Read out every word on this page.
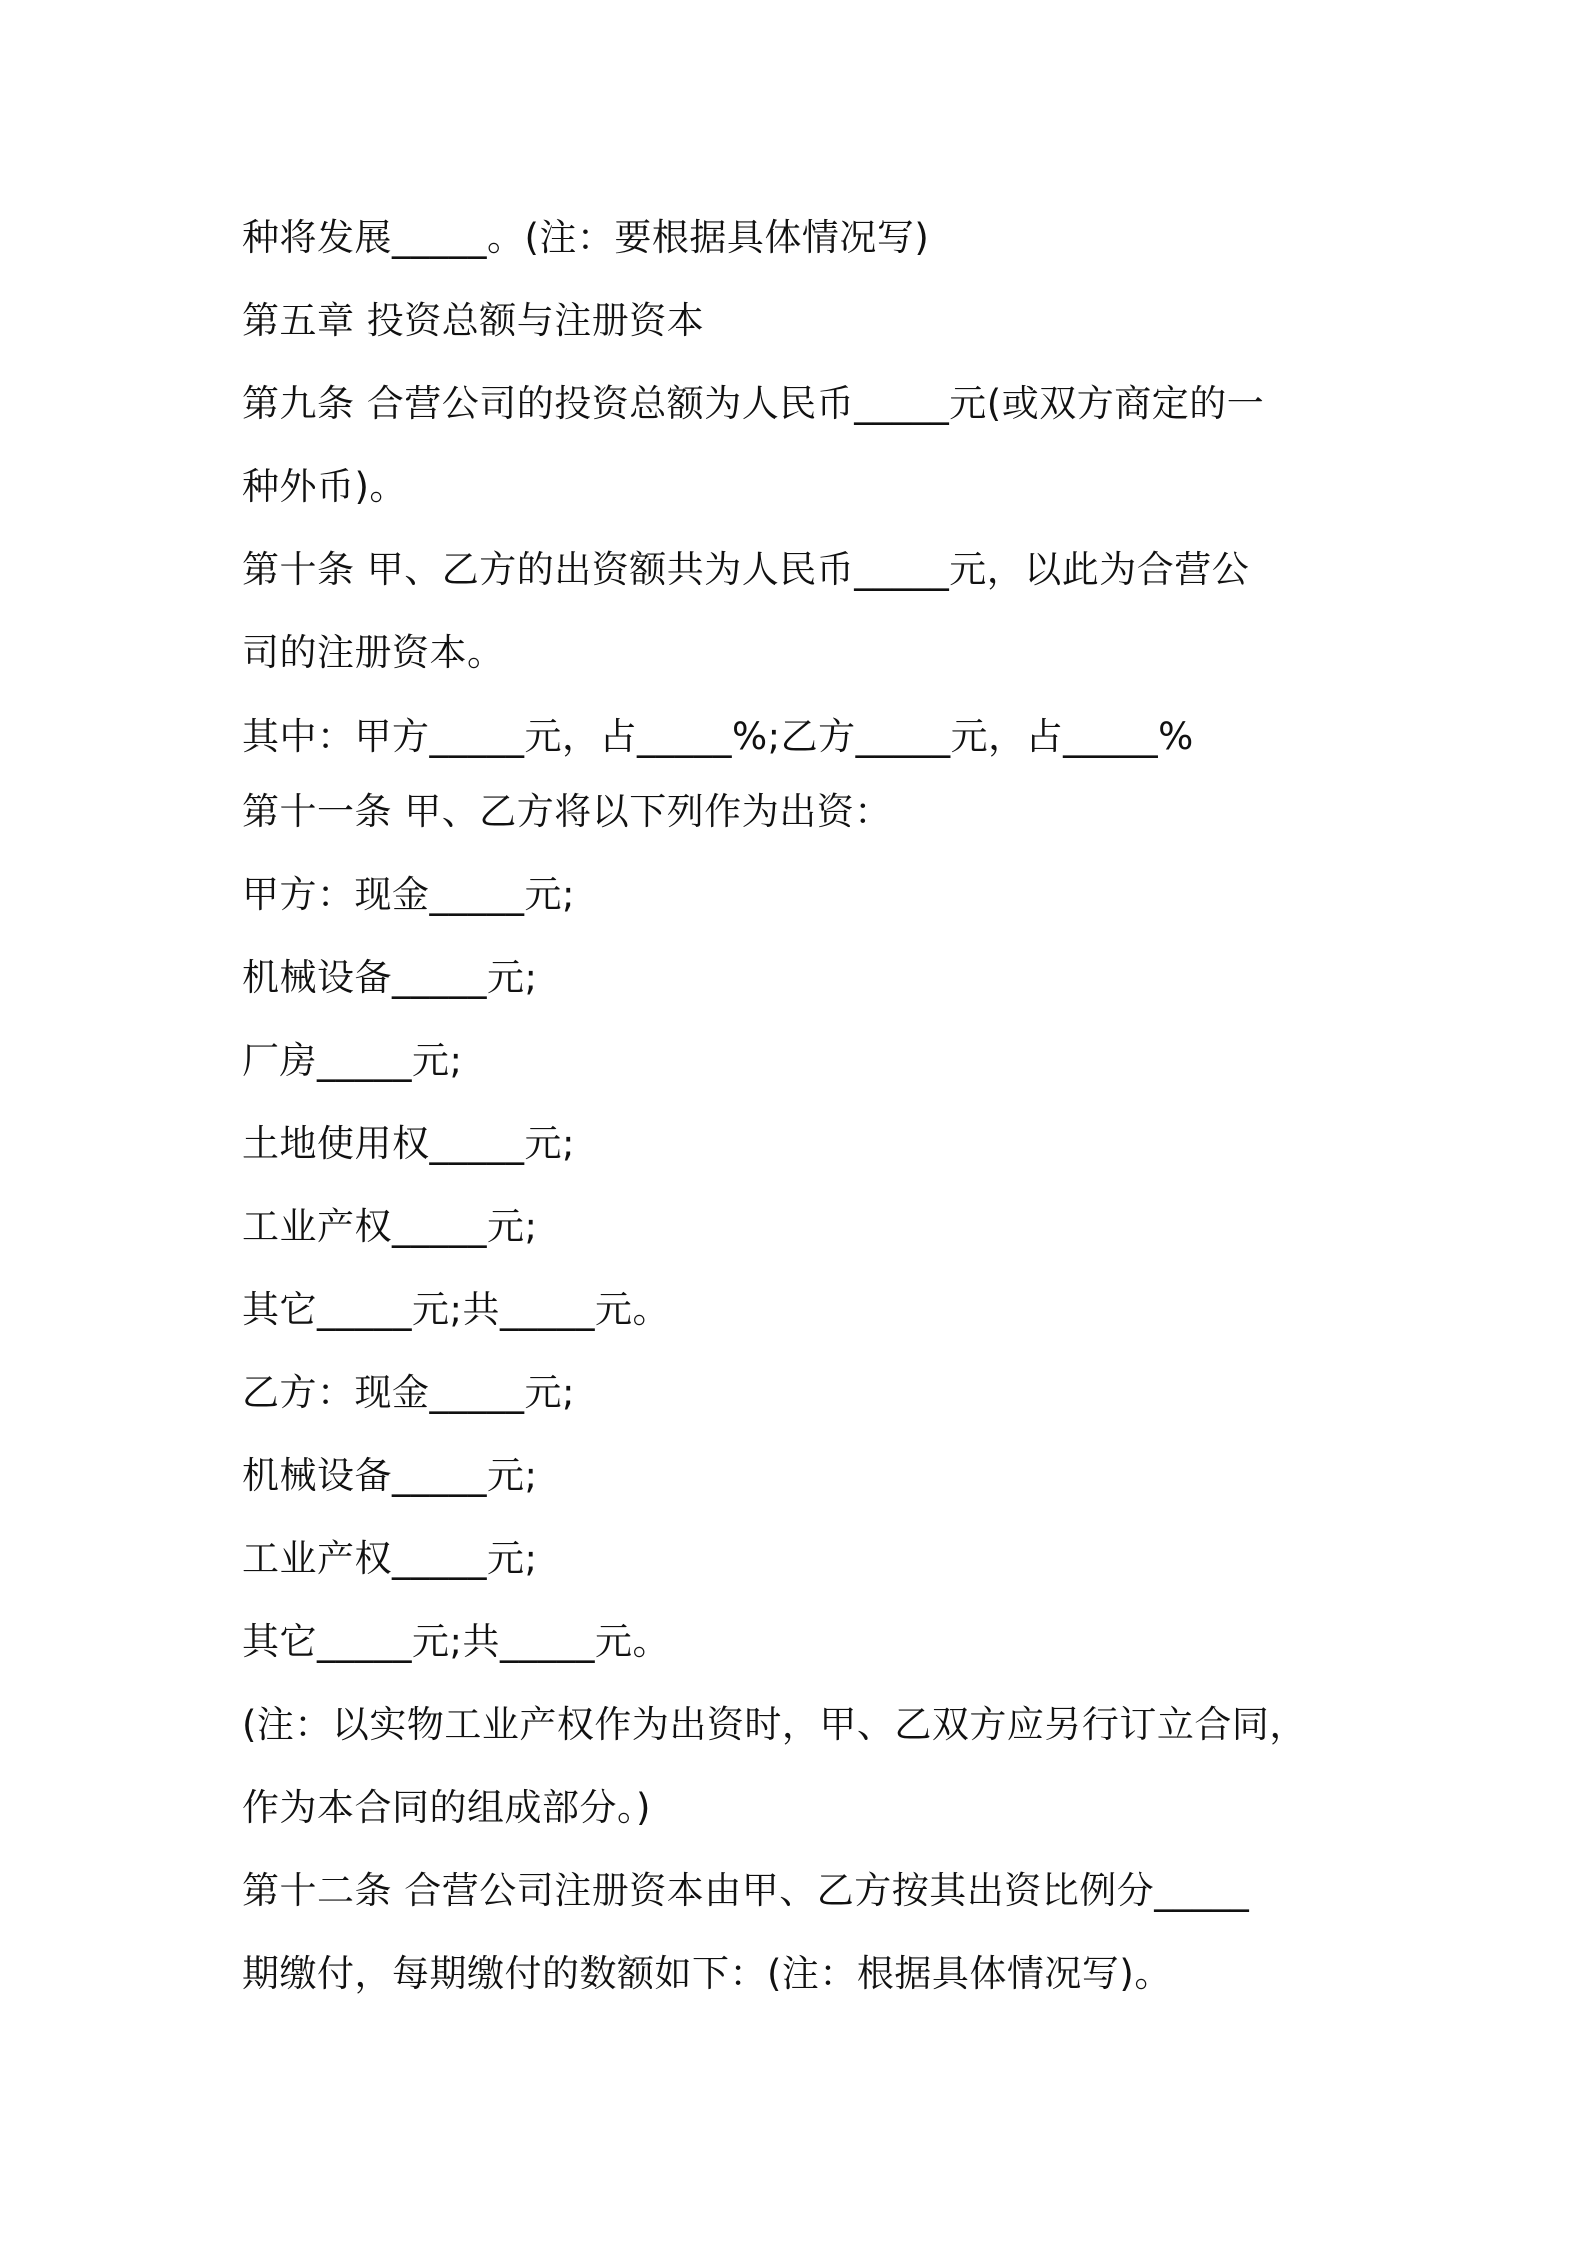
种将发展_____。(注：要根据具体情况写)
第五章 投资总额与注册资本
第九条 合营公司的投资总额为人民币_____元(或双方商定的一
种外币)。
第十条 甲、乙方的出资额共为人民币_____元，以此为合营公
司的注册资本。
其中：甲方_____元，占_____%;乙方_____元，占_____%
第十一条 甲、乙方将以下列作为出资：
甲方：现金_____元;
机械设备_____元;
厂房_____元;
土地使用权_____元;
工业产权_____元;
其它_____元;共_____元。
乙方：现金_____元;
机械设备_____元;
工业产权_____元;
其它_____元;共_____元。
(注：以实物工业产权作为出资时，甲、乙双方应另行订立合同，
作为本合同的组成部分。)
第十二条 合营公司注册资本由甲、乙方按其出资比例分_____
期缴付，每期缴付的数额如下：(注：根据具体情况写)。
